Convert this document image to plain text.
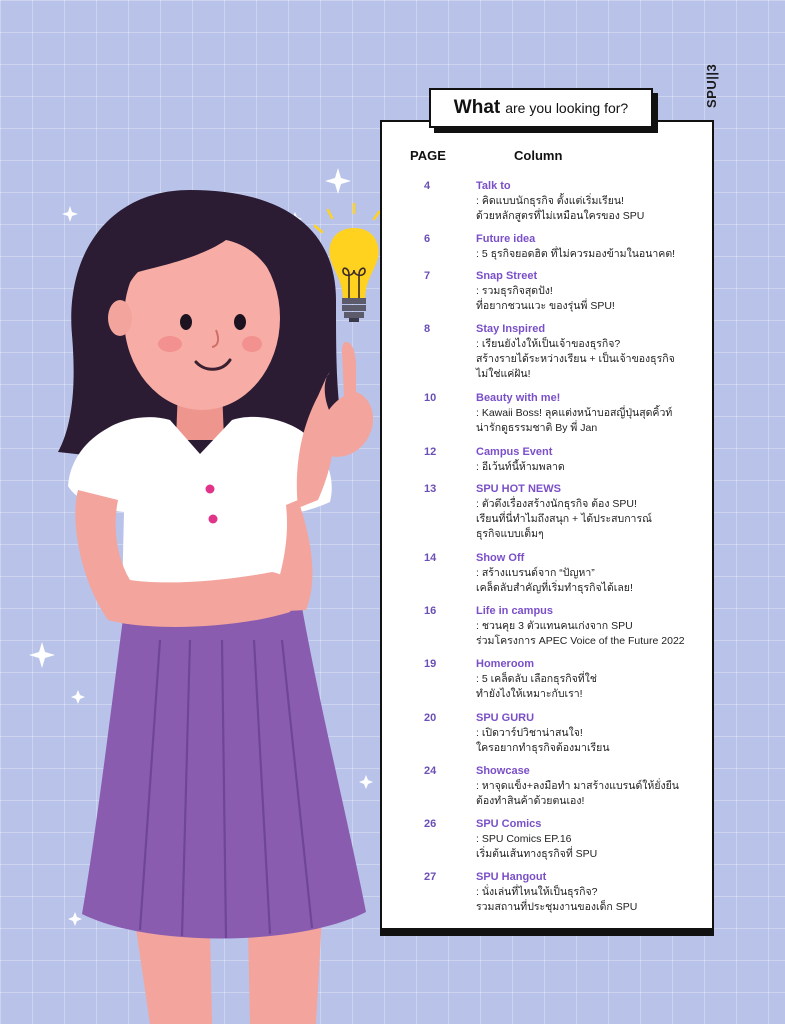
SPU||3
What are you looking for?
PAGE	Column
4	Talk to
: คิดแบบนักธุรกิจ ตั้งแต่เริ่มเรียน!
ด้วยหลักสูตรที่ไม่เหมือนใครของ SPU
6	Future idea
: 5 ธุรกิจยอดฮิต ที่ไม่ควรมองข้ามในอนาคต!
7	Snap Street
: รวมธุรกิจสุดปัง!
ที่อยากชวนแวะ ของรุ่นพี่ SPU!
8	Stay Inspired
: เรียนยังไงให้เป็นเจ้าของธุรกิจ?
สร้างรายได้ระหว่างเรียน + เป็นเจ้าของธุรกิจ
ไม่ใช่แค่ฝัน!
10	Beauty with me!
: Kawaii Boss! ลุคแต่งหน้าบอสญี่ปุ่นสุดคิ้วท์
น่ารักดูธรรมชาติ By พี่ Jan
12	Campus Event
: อีเว้นท์นี้ห้ามพลาด
13	SPU HOT NEWS
: ตัวตึงเรื่องสร้างนักธุรกิจ ต้อง SPU!
เรียนที่นี่ทำไมถึงสนุก + ได้ประสบการณ์
ธุรกิจแบบเต็มๆ
14	Show Off
: สร้างแบรนด์จาก “ปัญหา”
เคล็ดลับสำคัญที่เริ่มทำธุรกิจได้เลย!
16	Life in campus
: ชวนคุย 3 ตัวแทนคนเก่งจาก SPU
ร่วมโครงการ APEC Voice of the Future 2022
19	Homeroom
: 5 เคล็ดลับ เลือกธุรกิจที่ใช่
ทำยังไงให้เหมาะกับเรา!
20	SPU GURU
: เปิดวาร์ปวิชาน่าสนใจ!
ใครอยากทำธุรกิจต้องมาเรียน
24	Showcase
: หาจุดแข็ง+ลงมือทำ มาสร้างแบรนด์ให้ยั่งยืน
ต้องทำสินค้าด้วยตนเอง!
26	SPU Comics
: SPU Comics EP.16
เริ่มต้นเส้นทางธุรกิจที่ SPU
27	SPU Hangout
: นั่งเล่นที่ไหนให้เป็นธุรกิจ?
รวมสถานที่ประชุมงานของเด็ก SPU
